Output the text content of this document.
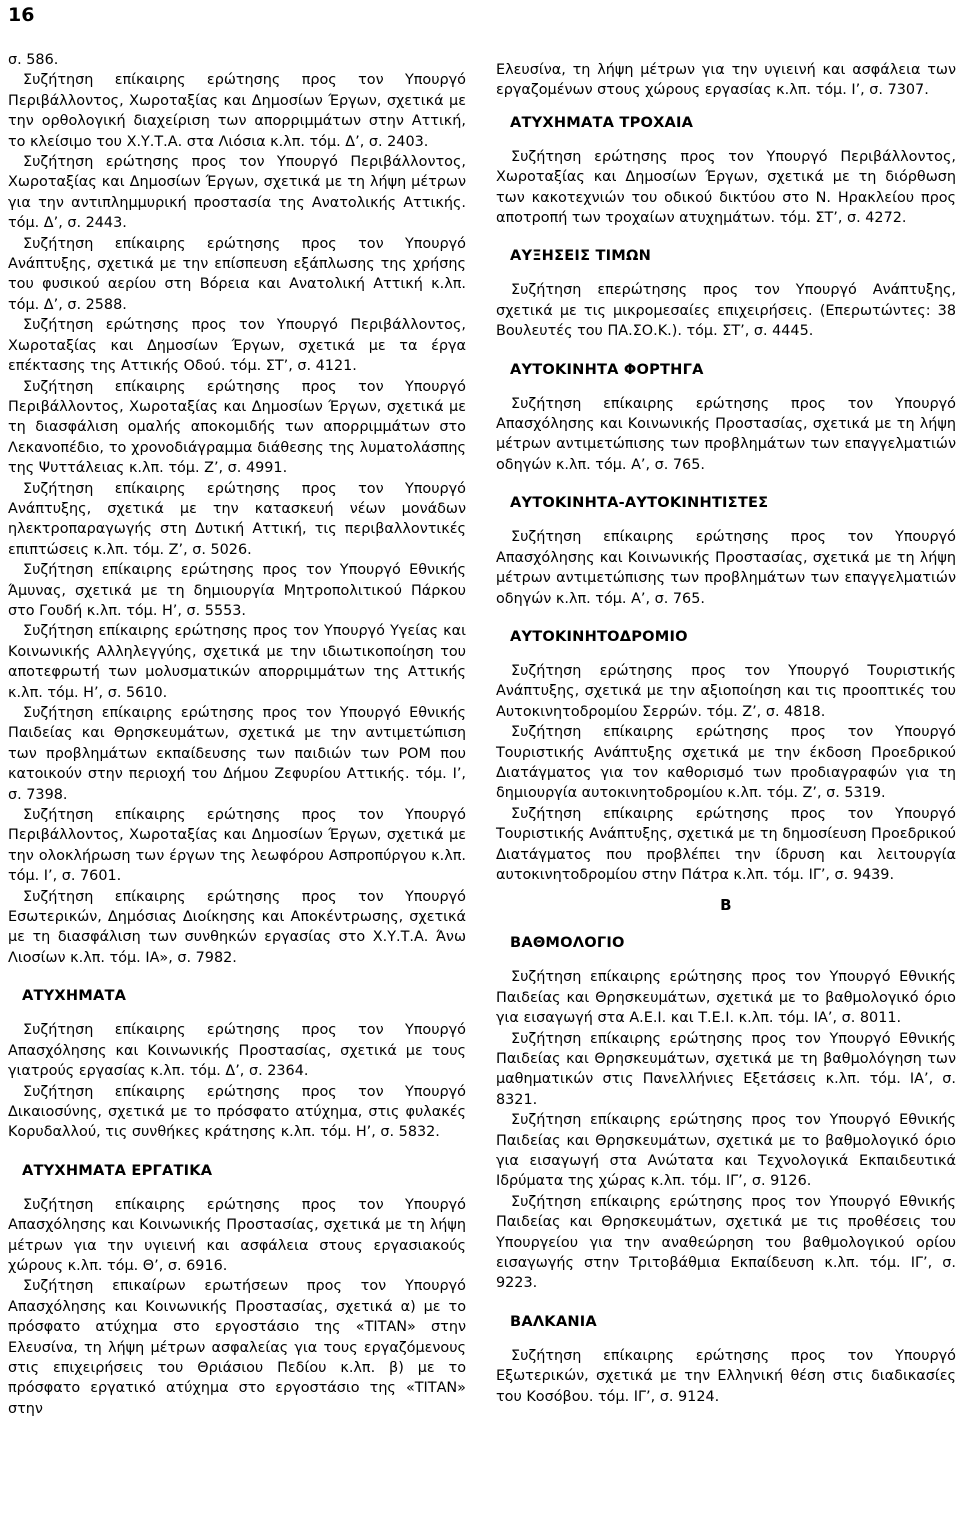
16

σ. 586.

Συζήτηση επίκαιρης ερώτησης προς τον Υπουργό Περιβάλλοντος, Χωροταξίας και Δημοσίων Έργων, σχετικά με την ορθολογική διαχείριση των απορριμμάτων στην Αττική, το κλείσιμο του Χ.Υ.Τ.Α. στα Λιόσια κ.λπ. τόμ. Δ’, σ. 2403.

Συζήτηση ερώτησης προς τον Υπουργό Περιβάλλοντος, Χωροταξίας και Δημοσίων Έργων, σχετικά με τη λήψη μέτρων για την αντιπλημμυρική προστασία της Ανατολικής Αττικής. τόμ. Δ’, σ. 2443.

Συζήτηση επίκαιρης ερώτησης προς τον Υπουργό Ανάπτυξης, σχετικά με την επίσπευση εξάπλωσης της χρήσης του φυσικού αερίου στη Βόρεια και Ανατολική Αττική κ.λπ. τόμ. Δ’, σ. 2588.

Συζήτηση ερώτησης προς τον Υπουργό Περιβάλλοντος, Χωροταξίας και Δημοσίων Έργων, σχετικά με τα έργα επέκτασης της Αττικής Οδού. τόμ. ΣΤ’, σ. 4121.

Συζήτηση επίκαιρης ερώτησης προς τον Υπουργό Περιβάλλοντος, Χωροταξίας και Δημοσίων Έργων, σχετικά με τη διασφάλιση ομαλής αποκομιδής των απορριμμάτων στο Λεκανοπέδιο, το χρονοδιάγραμμα διάθεσης της λυματολάσπης της Ψυττάλειας κ.λπ. τόμ. Ζ’, σ. 4991.

Συζήτηση επίκαιρης ερώτησης προς τον Υπουργό Ανάπτυξης, σχετικά με την κατασκευή νέων μονάδων ηλεκτροπαραγωγής στη Δυτική Αττική, τις περιβαλλοντικές επιπτώσεις κ.λπ. τόμ. Ζ’, σ. 5026.

Συζήτηση επίκαιρης ερώτησης προς τον Υπουργό Εθνικής Άμυνας, σχετικά με τη δημιουργία Μητροπολιτικού Πάρκου στο Γουδή κ.λπ. τόμ. Η’, σ. 5553.

Συζήτηση επίκαιρης ερώτησης προς τον Υπουργό Υγείας και Κοινωνικής Αλληλεγγύης, σχετικά με την ιδιωτικοποίηση του αποτεφρωτή των μολυσματικών απορριμμάτων της Αττικής κ.λπ. τόμ. Η’, σ. 5610.

Συζήτηση επίκαιρης ερώτησης προς τον Υπουργό Εθνικής Παιδείας και Θρησκευμάτων, σχετικά με την αντιμετώπιση των προβλημάτων εκπαίδευσης των παιδιών των ΡΟΜ που κατοικούν στην περιοχή του Δήμου Ζεφυρίου Αττικής. τόμ. Ι’, σ. 7398.

Συζήτηση επίκαιρης ερώτησης προς τον Υπουργό Περιβάλλοντος, Χωροταξίας και Δημοσίων Έργων, σχετικά με την ολοκλήρωση των έργων της λεωφόρου Ασπροπύργου κ.λπ. τόμ. Ι’, σ. 7601.

Συζήτηση επίκαιρης ερώτησης προς τον Υπουργό Εσωτερικών, Δημόσιας Διοίκησης και Αποκέντρωσης, σχετικά με τη διασφάλιση των συνθηκών εργασίας στο Χ.Υ.Τ.Α. Άνω Λιοσίων κ.λπ. τόμ. ΙΑ», σ. 7982.

ΑΤΥΧΗΜΑΤΑ

Συζήτηση επίκαιρης ερώτησης προς τον Υπουργό Απασχόλησης και Κοινωνικής Προστασίας, σχετικά με τους γιατρούς εργασίας κ.λπ. τόμ. Δ’, σ. 2364.

Συζήτηση επίκαιρης ερώτησης προς τον Υπουργό Δικαιοσύνης, σχετικά με το πρόσφατο ατύχημα, στις φυλακές Κορυδαλλού, τις συνθήκες κράτησης κ.λπ. τόμ. Η’, σ. 5832.

ΑΤΥΧΗΜΑΤΑ ΕΡΓΑΤΙΚΑ

Συζήτηση επίκαιρης ερώτησης προς τον Υπουργό Απασχόλησης και Κοινωνικής Προστασίας, σχετικά με τη λήψη μέτρων για την υγιεινή και ασφάλεια στους εργασιακούς χώρους κ.λπ. τόμ. Θ’, σ. 6916.

Συζήτηση επικαίρων ερωτήσεων προς τον Υπουργό Απασχόλησης και Κοινωνικής Προστασίας, σχετικά α) με το πρόσφατο ατύχημα στο εργοστάσιο της «ΤΙΤΑΝ» στην Ελευσίνα, τη λήψη μέτρων ασφαλείας για τους εργαζόμενους στις επιχειρήσεις του Θριάσιου Πεδίου κ.λπ. β) με το πρόσφατο εργατικό ατύχημα στο εργοστάσιο της «ΤΙΤΑΝ» στην

Ελευσίνα, τη λήψη μέτρων για την υγιεινή και ασφάλεια των εργαζομένων στους χώρους εργασίας κ.λπ. τόμ. Ι’, σ. 7307.

ΑΤΥΧΗΜΑΤΑ ΤΡΟΧΑΙΑ

Συζήτηση ερώτησης προς τον Υπουργό Περιβάλλοντος, Χωροταξίας και Δημοσίων Έργων, σχετικά με τη διόρθωση των κακοτεχνιών του οδικού δικτύου στο Ν. Ηρακλείου προς αποτροπή των τροχαίων ατυχημάτων. τόμ. ΣΤ’, σ. 4272.

ΑΥΞΗΣΕΙΣ ΤΙΜΩΝ

Συζήτηση επερώτησης προς τον Υπουργό Ανάπτυξης, σχετικά με τις μικρομεσαίες επιχειρήσεις. (Επερωτώντες: 38 Βουλευτές του ΠΑ.ΣΟ.Κ.). τόμ. ΣΤ’, σ. 4445.

ΑΥΤΟΚΙΝΗΤΑ ΦΟΡΤΗΓΑ

Συζήτηση επίκαιρης ερώτησης προς τον Υπουργό Απασχόλησης και Κοινωνικής Προστασίας, σχετικά με τη λήψη μέτρων αντιμετώπισης των προβλημάτων των επαγγελματιών οδηγών κ.λπ. τόμ. Α’, σ. 765.

ΑΥΤΟΚΙΝΗΤΑ-ΑΥΤΟΚΙΝΗΤΙΣΤΕΣ

Συζήτηση επίκαιρης ερώτησης προς τον Υπουργό Απασχόλησης και Κοινωνικής Προστασίας, σχετικά με τη λήψη μέτρων αντιμετώπισης των προβλημάτων των επαγγελματιών οδηγών κ.λπ. τόμ. Α’, σ. 765.

ΑΥΤΟΚΙΝΗΤΟΔΡΟΜΙΟ

Συζήτηση ερώτησης προς τον Υπουργό Τουριστικής Ανάπτυξης, σχετικά με την αξιοποίηση και τις προοπτικές του Αυτοκινητοδρομίου Σερρών. τόμ. Ζ’, σ. 4818.

Συζήτηση επίκαιρης ερώτησης προς τον Υπουργό Τουριστικής Ανάπτυξης σχετικά με την έκδοση Προεδρικού Διατάγματος για τον καθορισμό των προδιαγραφών για τη δημιουργία αυτοκινητοδρομίου κ.λπ. τόμ. Ζ’, σ. 5319.

Συζήτηση επίκαιρης ερώτησης προς τον Υπουργό Τουριστικής Ανάπτυξης, σχετικά με τη δημοσίευση Προεδρικού Διατάγματος που προβλέπει την ίδρυση και λειτουργία αυτοκινητοδρομίου στην Πάτρα κ.λπ. τόμ. ΙΓ’, σ. 9439.

Β
ΒΑΘΜΟΛΟΓΙΟ

Συζήτηση επίκαιρης ερώτησης προς τον Υπουργό Εθνικής Παιδείας και Θρησκευμάτων, σχετικά με το βαθμολογικό όριο για εισαγωγή στα Α.Ε.Ι. και Τ.Ε.Ι. κ.λπ. τόμ. ΙΑ’, σ. 8011.

Συζήτηση επίκαιρης ερώτησης προς τον Υπουργό Εθνικής Παιδείας και Θρησκευμάτων, σχετικά με τη βαθμολόγηση των μαθηματικών στις Πανελλήνιες Εξετάσεις κ.λπ. τόμ. ΙΑ’, σ. 8321.

Συζήτηση επίκαιρης ερώτησης προς τον Υπουργό Εθνικής Παιδείας και Θρησκευμάτων, σχετικά με το βαθμολογικό όριο για εισαγωγή στα Ανώτατα και Τεχνολογικά Εκπαιδευτικά Ιδρύματα της χώρας κ.λπ. τόμ. ΙΓ’, σ. 9126.

Συζήτηση επίκαιρης ερώτησης προς τον Υπουργό Εθνικής Παιδείας και Θρησκευμάτων, σχετικά με τις προθέσεις του Υπουργείου για την αναθεώρηση του βαθμολογικού ορίου εισαγωγής στην Τριτοβάθμια Εκπαίδευση κ.λπ. τόμ. ΙΓ’, σ. 9223.

ΒΑΛΚΑΝΙΑ

Συζήτηση επίκαιρης ερώτησης προς τον Υπουργό Εξωτερικών, σχετικά με την Ελληνική θέση στις διαδικασίες του Κοσόβου. τόμ. ΙΓ’, σ. 9124.
